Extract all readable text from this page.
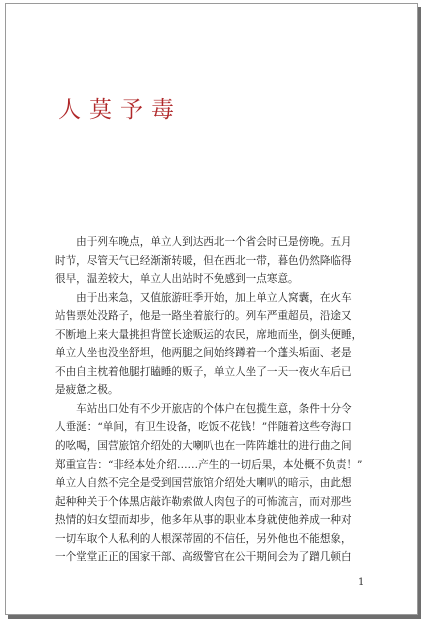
人莫予毒
　　由于列车晚点，单立人到达西北一个省会时已是傍晚。五月
时节，尽管天气已经渐渐转暖，但在西北一带，暮色仍然降临得
很早，温差较大，单立人出站时不免感到一点寒意。
　　由于出来急，又值旅游旺季开始，加上单立人窝囊，在火车
站售票处没路子，他是一路坐着旅行的。列车严重超员，沿途又
不断地上来大量挑担背筐长途贩运的农民，席地而坐，倒头便睡，
单立人坐也没坐舒坦，他两腿之间始终蹲着一个蓬头垢面、老是
不由自主枕着他腿打瞌睡的贩子，单立人坐了一天一夜火车后已
是疲惫之极。
　　车站出口处有不少开旅店的个体户在包揽生意，条件十分令
人垂涎：“单间，有卫生设备，吃饭不花钱！”伴随着这些夸海口
的吆喝，国营旅馆介绍处的大喇叭也在一阵阵雄壮的进行曲之间
郑重宣告：“非经本处介绍……产生的一切后果，本处概不负责！”
单立人自然不完全是受到国营旅馆介绍处大喇叭的暗示，由此想
起种种关于个体黑店敲诈勒索做人肉包子的可怖流言，而对那些
热情的妇女望而却步，他多年从事的职业本身就使他养成一种对
一切车取个人私利的人根深蒂固的不信任，另外他也不能想象，
一个堂堂正正的国家干部、高级警官在公干期间会为了蹭几顿白
1
